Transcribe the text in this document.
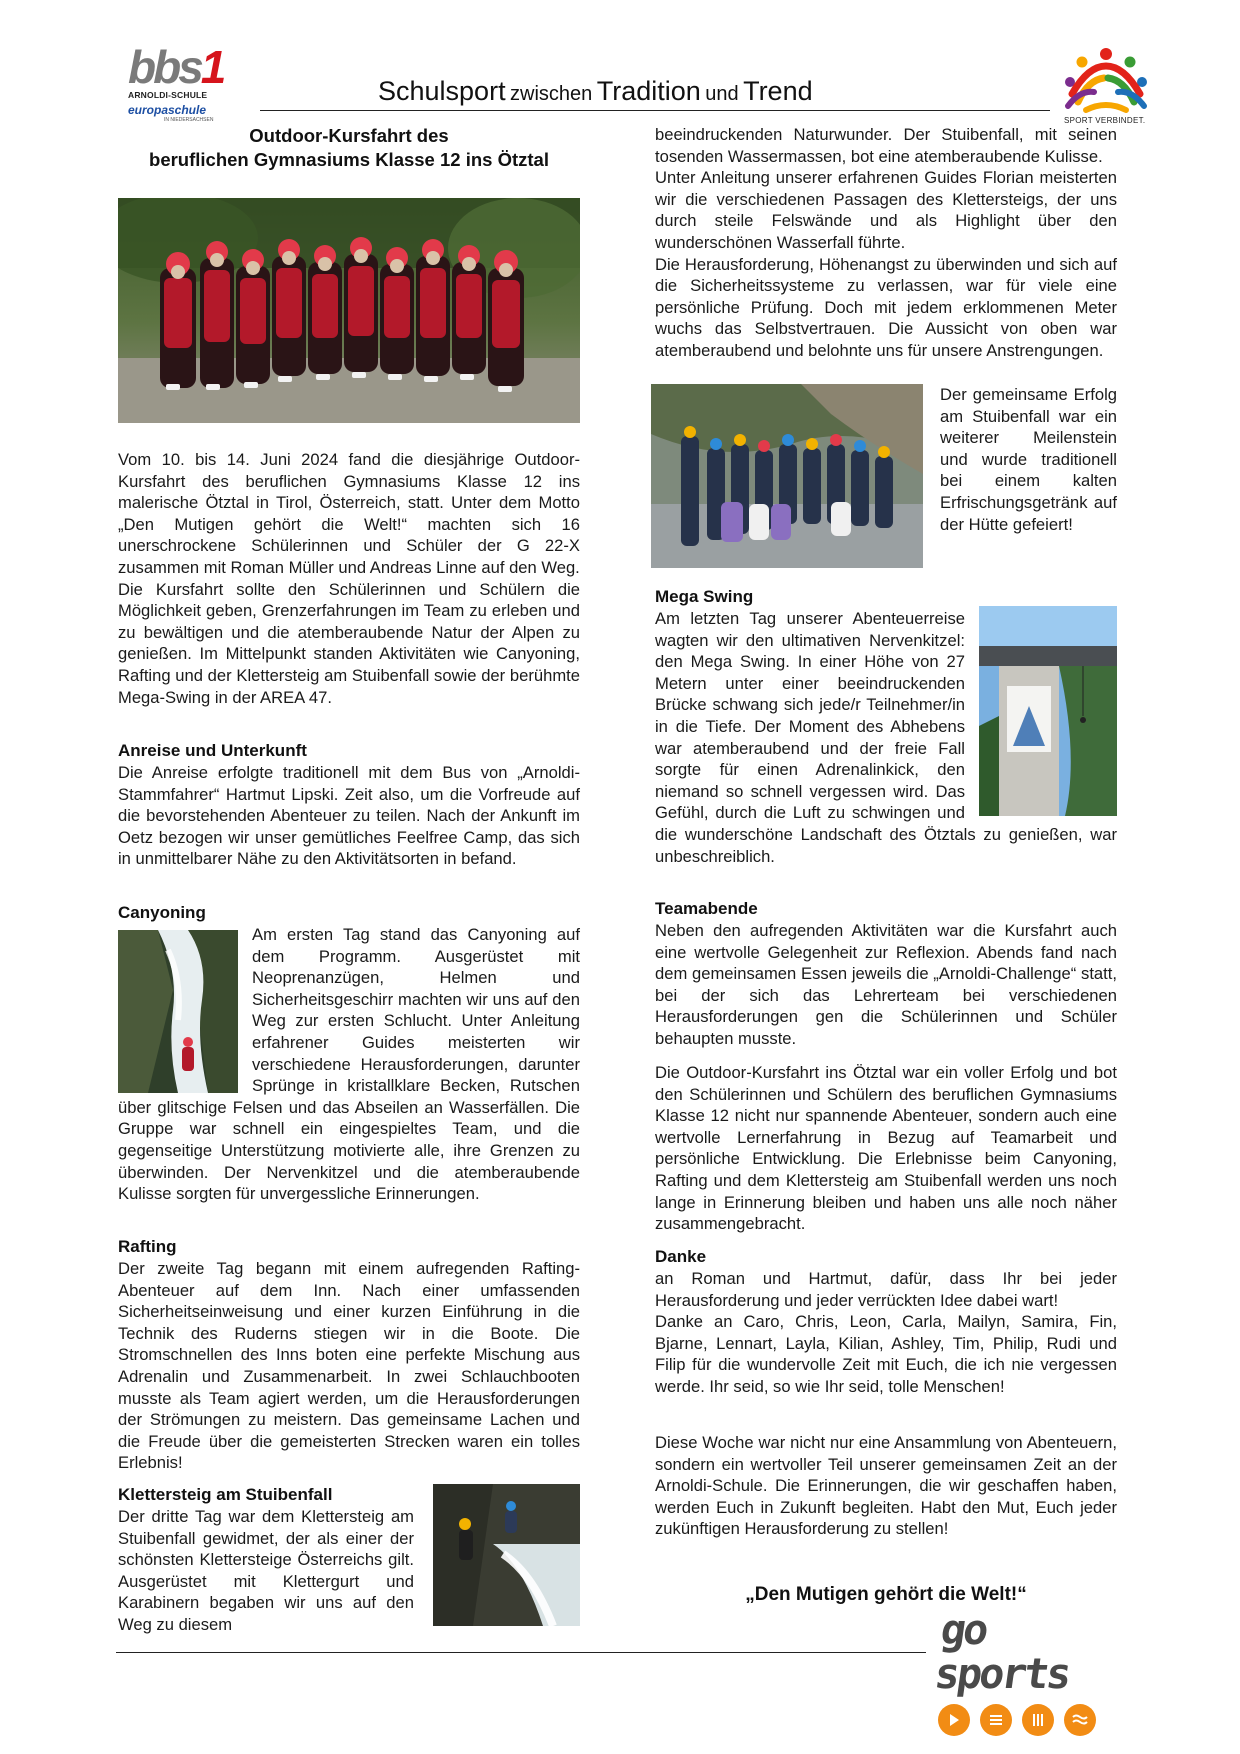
bbs1
ARNOLDI-SCHULE
europaschule
IN NIEDERSACHSEN
Schulsport zwischen Tradition und Trend
SPORT VERBINDET.
Outdoor-Kursfahrt des
beruflichen Gymnasiums Klasse 12 ins Ötztal

Vom 10. bis 14. Juni 2024 fand die diesjährige Outdoor-Kursfahrt des beruflichen Gymnasiums Klasse 12 ins malerische Ötztal in Tirol, Österreich, statt. Unter dem Motto „Den Mutigen gehört die Welt!“ machten sich 16 unerschrockene Schülerinnen und Schüler der G 22-X zusammen mit Roman Müller und Andreas Linne auf den Weg.

Die Kursfahrt sollte den Schülerinnen und Schülern die Möglichkeit geben, Grenzerfahrungen im Team zu erleben und zu bewältigen und die atemberaubende Natur der Alpen zu genießen. Im Mittelpunkt standen Aktivitäten wie Canyoning, Rafting und der Klettersteig am Stuibenfall sowie der berühmte Mega-Swing in der AREA 47.

Anreise und Unterkunft
Die Anreise erfolgte traditionell mit dem Bus von „Arnoldi-Stammfahrer“ Hartmut Lipski. Zeit also, um die Vorfreude auf die bevorstehenden Abenteuer zu teilen. Nach der Ankunft im Oetz bezogen wir unser gemütliches Feelfree Camp, das sich in unmittelbarer Nähe zu den Aktivitätsorten in befand.
Canyoning
Am ersten Tag stand das Canyoning auf dem Programm. Ausgerüstet mit Neoprenanzügen, Helmen und Sicherheitsgeschirr machten wir uns auf den Weg zur ersten Schlucht. Unter Anleitung erfahrener Guides meisterten wir verschiedene Herausforderungen, darunter Sprünge in kristallklare Becken, Rutschen über glitschige Felsen und das Abseilen an Wasserfällen. Die Gruppe war schnell ein eingespieltes Team, und die gegenseitige Unterstützung motivierte alle, ihre Grenzen zu überwinden. Der Nervenkitzel und die atemberaubende Kulisse sorgten für unvergessliche Erinnerungen.
Rafting
Der zweite Tag begann mit einem aufregenden Rafting-Abenteuer auf dem Inn. Nach einer umfassenden Sicherheitseinweisung und einer kurzen Einführung in die Technik des Ruderns stiegen wir in die Boote. Die Stromschnellen des Inns boten eine perfekte Mischung aus Adrenalin und Zusammenarbeit. In zwei Schlauchbooten musste als Team agiert werden, um die Herausforderungen der Strömungen zu meistern. Das gemeinsame Lachen und die Freude über die gemeisterten Strecken waren ein tolles Erlebnis!
Klettersteig am Stuibenfall
Der dritte Tag war dem Klettersteig am Stuibenfall gewidmet, der als einer der schönsten Klettersteige Österreichs gilt. Ausgerüstet mit Klettergurt und Karabinern begaben wir uns auf den Weg zu diesem

beeindruckenden Naturwunder. Der Stuibenfall, mit seinen tosenden Wassermassen, bot eine atemberaubende Kulisse.

Unter Anleitung unserer erfahrenen Guides Florian meisterten wir die verschiedenen Passagen des Klettersteigs, der uns durch steile Felswände und als Highlight über den wunderschönen Wasserfall führte.

Die Herausforderung, Höhenangst zu überwinden und sich auf die Sicherheitssysteme zu verlassen, war für viele eine persönliche Prüfung. Doch mit jedem erklommenen Meter wuchs das Selbstvertrauen. Die Aussicht von oben war atemberaubend und belohnte uns für unsere Anstrengungen.

Der gemeinsame Erfolg am Stuibenfall war ein weiterer Meilenstein und wurde traditionell bei einem kalten Erfrischungsgetränk auf der Hütte gefeiert!
Mega Swing
Am letzten Tag unserer Abenteuerreise wagten wir den ultimativen Nervenkitzel: den Mega Swing. In einer Höhe von 27 Metern unter einer beeindruckenden Brücke schwang sich jede/r Teilnehmer/in in die Tiefe. Der Moment des Abhebens war atemberaubend und der freie Fall sorgte für einen Adrenalinkick, den niemand so schnell vergessen wird. Das Gefühl, durch die Luft zu schwingen und die wunderschöne Landschaft des Ötztals zu genießen, war unbeschreiblich.
Teamabende
Neben den aufregenden Aktivitäten war die Kursfahrt auch eine wertvolle Gelegenheit zur Reflexion. Abends fand nach dem gemeinsamen Essen jeweils die „Arnoldi-Challenge“ statt, bei der sich das Lehrerteam bei verschiedenen Herausforderungen gen die Schülerinnen und Schüler behaupten musste.
Die Outdoor-Kursfahrt ins Ötztal war ein voller Erfolg und bot den Schülerinnen und Schülern des beruflichen Gymnasiums Klasse 12 nicht nur spannende Abenteuer, sondern auch eine wertvolle Lernerfahrung in Bezug auf Teamarbeit und persönliche Entwicklung. Die Erlebnisse beim Canyoning, Rafting und dem Klettersteig am Stuibenfall werden uns noch lange in Erinnerung bleiben und haben uns alle noch näher zusammengebracht.
Danke

an Roman und Hartmut, dafür, dass Ihr bei jeder Herausforderung und jeder verrückten Idee dabei wart!

Danke an Caro, Chris, Leon, Carla, Mailyn, Samira, Fin, Bjarne, Lennart, Layla, Kilian, Ashley, Tim, Philip, Rudi und Filip für die wundervolle Zeit mit Euch, die ich nie vergessen werde. Ihr seid, so wie Ihr seid, tolle Menschen!

Diese Woche war nicht nur eine Ansammlung von Abenteuern, sondern ein wertvoller Teil unserer gemeinsamen Zeit an der Arnoldi-Schule. Die Erinnerungen, die wir geschaffen haben, werden Euch in Zukunft begleiten. Habt den Mut, Euch jeder zukünftigen Herausforderung zu stellen!
„Den Mutigen gehört die Welt!“
go sports
